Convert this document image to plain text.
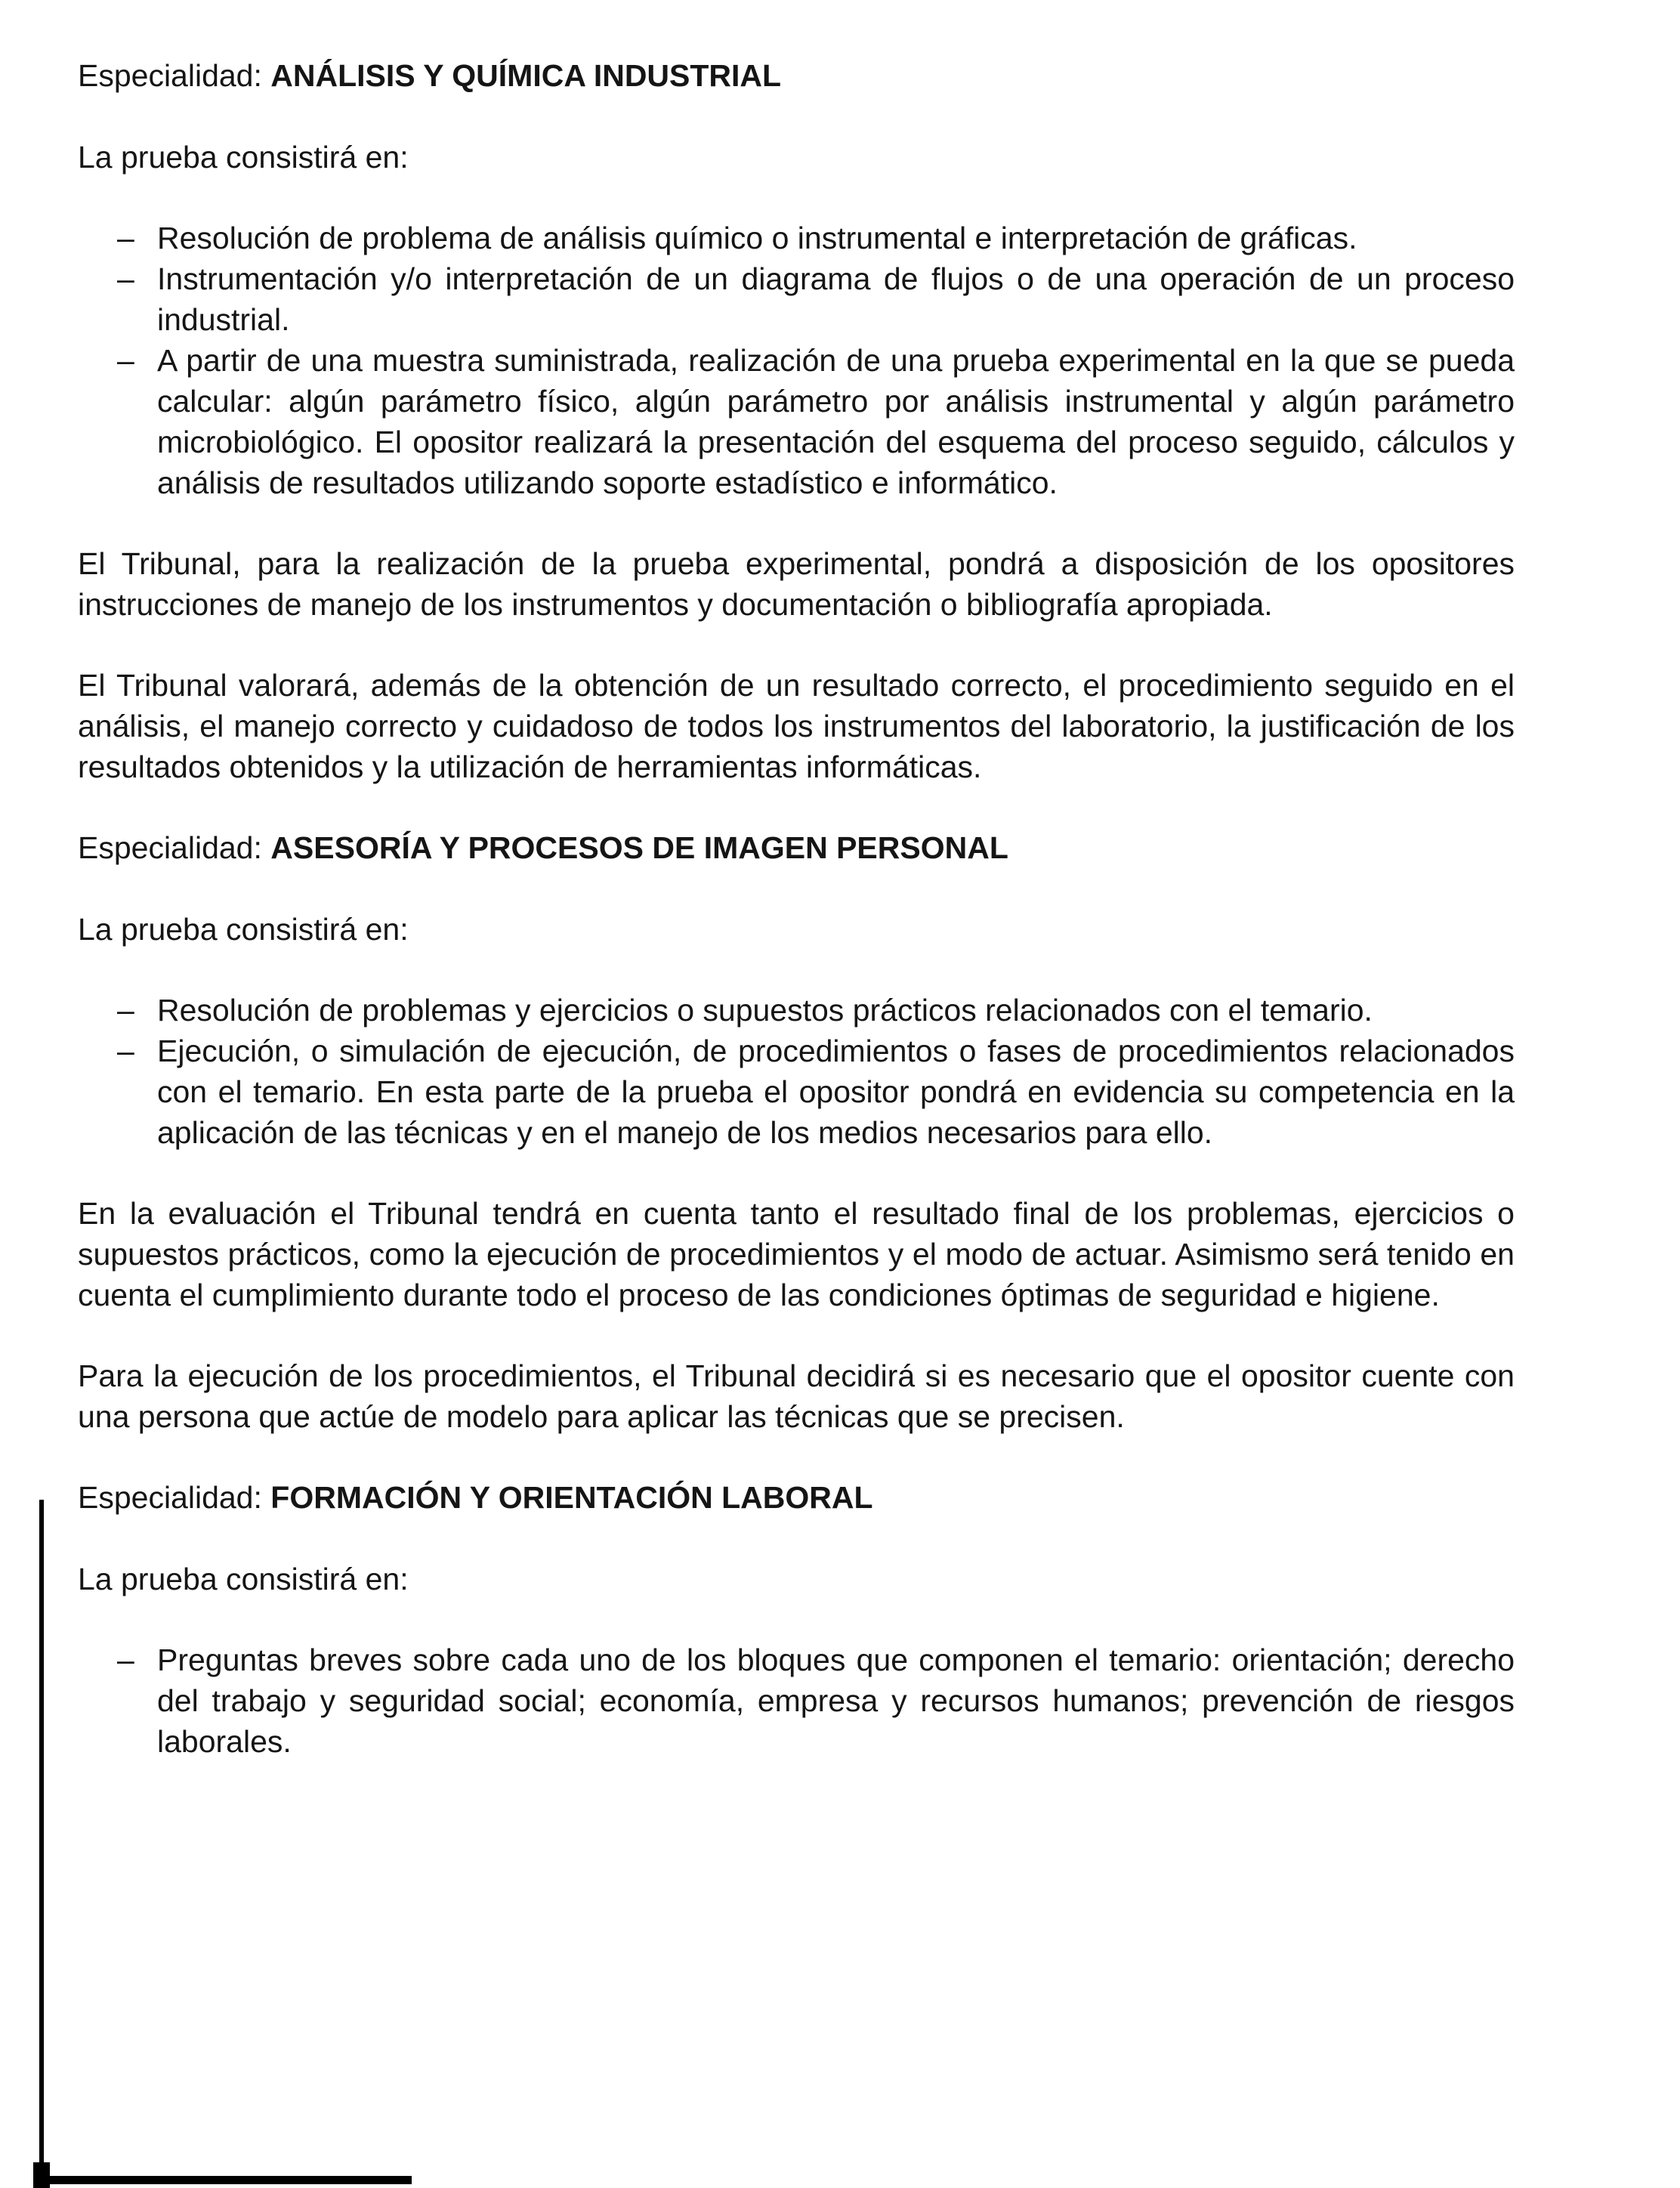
Especialidad: ANÁLISIS Y QUÍMICA INDUSTRIAL

La prueba consistirá en:

– Resolución de problema de análisis químico o instrumental e interpretación de gráficas.
– Instrumentación y/o interpretación de un diagrama de flujos o de una operación de un proceso industrial.
– A partir de una muestra suministrada, realización de una prueba experimental en la que se pueda calcular: algún parámetro físico, algún parámetro por análisis instrumental y algún parámetro microbiológico. El opositor realizará la presentación del esquema del proceso seguido, cálculos y análisis de resultados utilizando soporte estadístico e informático.

El Tribunal, para la realización de la prueba experimental, pondrá a disposición de los opositores instrucciones de manejo de los instrumentos y documentación o bibliografía apropiada.

El Tribunal valorará, además de la obtención de un resultado correcto, el procedimiento seguido en el análisis, el manejo correcto y cuidadoso de todos los instrumentos del laboratorio, la justificación de los resultados obtenidos y la utilización de herramientas informáticas.

Especialidad: ASESORÍA Y PROCESOS DE IMAGEN PERSONAL

La prueba consistirá en:

– Resolución de problemas y ejercicios o supuestos prácticos relacionados con el temario.
– Ejecución, o simulación de ejecución, de procedimientos o fases de procedimientos relacionados con el temario. En esta parte de la prueba el opositor pondrá en evidencia su competencia en la aplicación de las técnicas y en el manejo de los medios necesarios para ello.

En la evaluación el Tribunal tendrá en cuenta tanto el resultado final de los problemas, ejercicios o supuestos prácticos, como la ejecución de procedimientos y el modo de actuar. Asimismo será tenido en cuenta el cumplimiento durante todo el proceso de las condiciones óptimas de seguridad e higiene.

Para la ejecución de los procedimientos, el Tribunal decidirá si es necesario que el opositor cuente con una persona que actúe de modelo para aplicar las técnicas que se precisen.

Especialidad: FORMACIÓN Y ORIENTACIÓN LABORAL

La prueba consistirá en:

– Preguntas breves sobre cada uno de los bloques que componen el temario: orientación; derecho del trabajo y seguridad social; economía, empresa y recursos humanos; prevención de riesgos laborales.
